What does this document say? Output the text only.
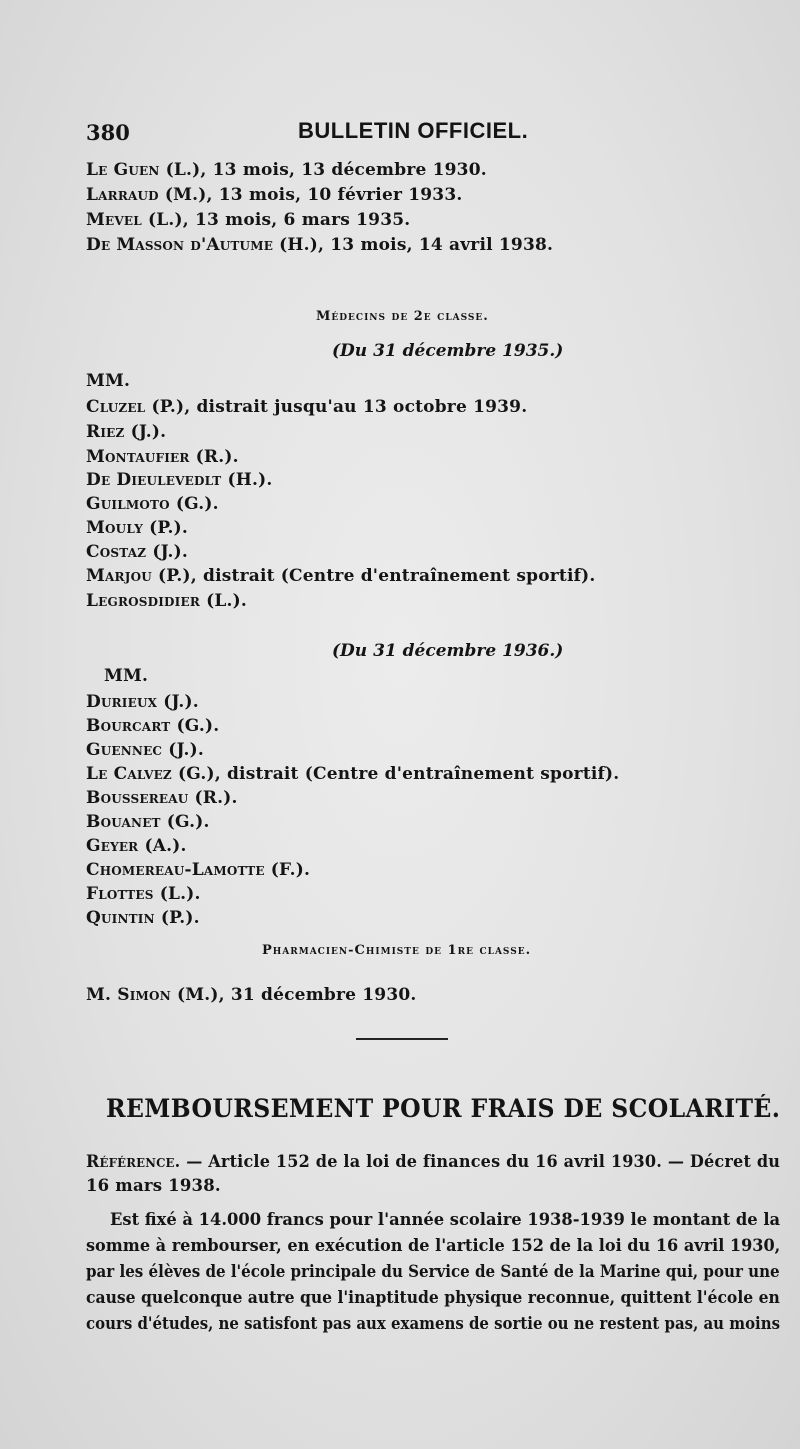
380	BULLETIN OFFICIEL.
Le Guen (L.), 13 mois, 13 décembre 1930.
Larraud (M.), 13 mois, 10 février 1933.
Mevel (L.), 13 mois, 6 mars 1935.
De Masson d'Autume (H.), 13 mois, 14 avril 1938.
Médecins de 2e classe.
(Du 31 décembre 1935.)
MM.
Cluzel (P.), distrait jusqu'au 13 octobre 1939.
Riez (J.).
Montaufier (R.).
De Dieulevedlt (H.).
Guilmoto (G.).
Mouly (P.).
Costaz (J.).
Marjou (P.), distrait (Centre d'entraînement sportif).
Legrosdidier (L.).
(Du 31 décembre 1936.)
MM.
Durieux (J.).
Bourcart (G.).
Guennec (J.).
Le Calvez (G.), distrait (Centre d'entraînement sportif).
Boussereau (R.).
Bouanet (G.).
Geyer (A.).
Chomereau-Lamotte (F.).
Flottes (L.).
Quintin (P.).
Pharmacien-Chimiste de 1re classe.
M. Simon (M.), 31 décembre 1930.
REMBOURSEMENT POUR FRAIS DE SCOLARITÉ.
Référence. — Article 152 de la loi de finances du 16 avril 1930. — Décret du
16 mars 1938.
Est fixé à 14.000 francs pour l'année scolaire 1938-1939 le montant de la
somme à rembourser, en exécution de l'article 152 de la loi du 16 avril 1930,
par les élèves de l'école principale du Service de Santé de la Marine qui, pour une
cause quelconque autre que l'inaptitude physique reconnue, quittent l'école en
cours d'études, ne satisfont pas aux examens de sortie ou ne restent pas, au moins
